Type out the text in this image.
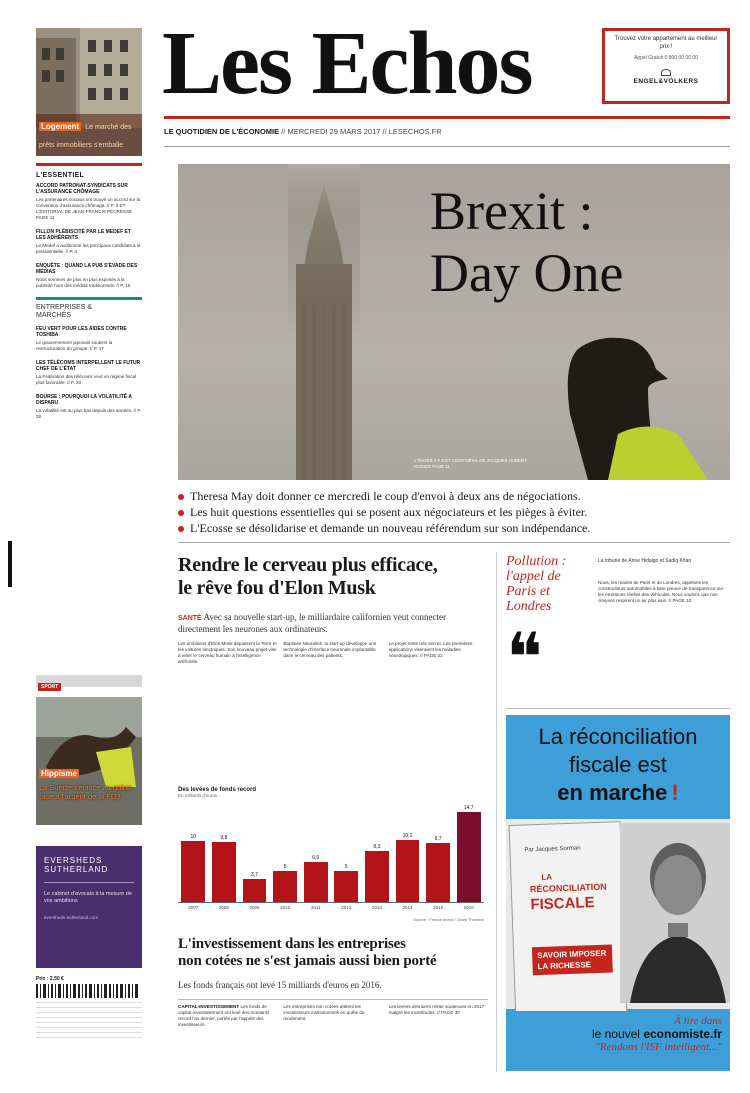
Logement Le marché des prêts immobiliers s'emballe
L'ESSENTIEL
ACCORD PATRONAT-SYNDICATS SUR L'ASSURANCE CHÔMAGE
Les partenaires sociaux ont trouvé un accord sur la convention d'assurance chômage. // P. 3 ET L'ÉDITORIAL DE JEAN-FRANCIS PÉCRESSE PAGE 11
FILLON PLÉBISCITÉ PAR LE MEDEF ET LES ADHÉRENTS
Le Medef a auditionné les principaux candidats à la présidentielle. // P. 4
ENQUÊTE : QUAND LA PUB S'ÉVADE DES MÉDIAS
Nous sommes de plus en plus exposés à la publicité hors des médias traditionnels. // P. 15
ENTREPRISES & MARCHÉS
FEU VERT POUR LES AIDES CONTRE TOSHIBA
Le gouvernement japonais soutient la restructuration du groupe. // P. 17
LES TÉLÉCOMS INTERPELLENT LE FUTUR CHEF DE L'ÉTAT
La Fédération des télécoms veut un régime fiscal plus favorable. // P. 20
BOURSE : POURQUOI LA VOLATILITÉ A DISPARU
La volatilité est au plus bas depuis des années. // P. 28
SPORT
Hippisme
La Suède s'élance au galop face à l'argent de la FDJ
EVERSHEDS
SUTHERLAND
Le cabinet d'avocats à la mesure de vos ambitions
eversheds-sutherland.com
Prix : 2,50 €
Les Echos
LE QUOTIDIEN DE L'ÉCONOMIE // MERCREDI 29 MARS 2017 // LESECHOS.FR
Trouvez votre appartement au meilleur prix !
Appel Gratuit 0 800 00 00 00
ENGEL&VÖLKERS
Brexit :
Day One
// PAGES 2 À 5 ET L'ÉDITORIAL DE JACQUES HUBERT-RODIER PAGE 11
Theresa May doit donner ce mercredi le coup d'envoi à deux ans de négociations.
Les huit questions essentielles qui se posent aux négociateurs et les pièges à éviter.
L'Ecosse se désolidarise et demande un nouveau référendum sur son indépendance.
Rendre le cerveau plus efficace,
le rêve fou d'Elon Musk
SANTÉ Avec sa nouvelle start-up, le milliardaire californien veut connecter directement les neurones aux ordinateurs.
Les ambitions d'Elon Musk dépassent la Terre et les voitures électriques. Son nouveau projet vise à relier le cerveau humain à l'intelligence artificielle.
Baptisée Neuralink, la start-up développe une technologie d'interface neuronale implantable dans le cerveau des patients.
Le projet reste très secret. Les premières applications viseraient les maladies neurologiques. // PAGE 22
Des levées de fonds record
En milliards d'euros
10	9,8
3,7
5
6,5
5
8,3
10,1	9,7
14,7
2007	2008	2009	2010	2011	2012	2013	2014	2015	2016
Source : France Invest / Grant Thornton
L'investissement dans les entreprises
non cotées ne s'est jamais aussi bien porté
Les fonds français ont levé 15 milliards d'euros en 2016.
CAPITAL-INVESTISSEMENT Les fonds de capital-investissement ont levé des montants record l'an dernier, portés par l'appétit des investisseurs.
Les entreprises non cotées attirent les investisseurs institutionnels en quête de rendement.
Les levées devraient rester soutenues en 2017 malgré les incertitudes. // PAGE 30
Pollution : l'appel de Paris et Londres
❝
La tribune de Anne Hidalgo et Sadiq Khan
Nous, les maires de Paris et de Londres, appelons les constructeurs automobiles à faire preuve de transparence sur les émissions réelles des véhicules. Nous voulons que nos citoyens respirent un air plus sain. // PAGE 10
La réconciliation
fiscale est
en marche !
Par Jacques Sorman
LA
RÉCONCILIATION
FISCALE
SAVOIR IMPOSER LA RICHESSE
À lire dans
le nouvel economiste.fr
"Rendons l'ISF intelligent..."
